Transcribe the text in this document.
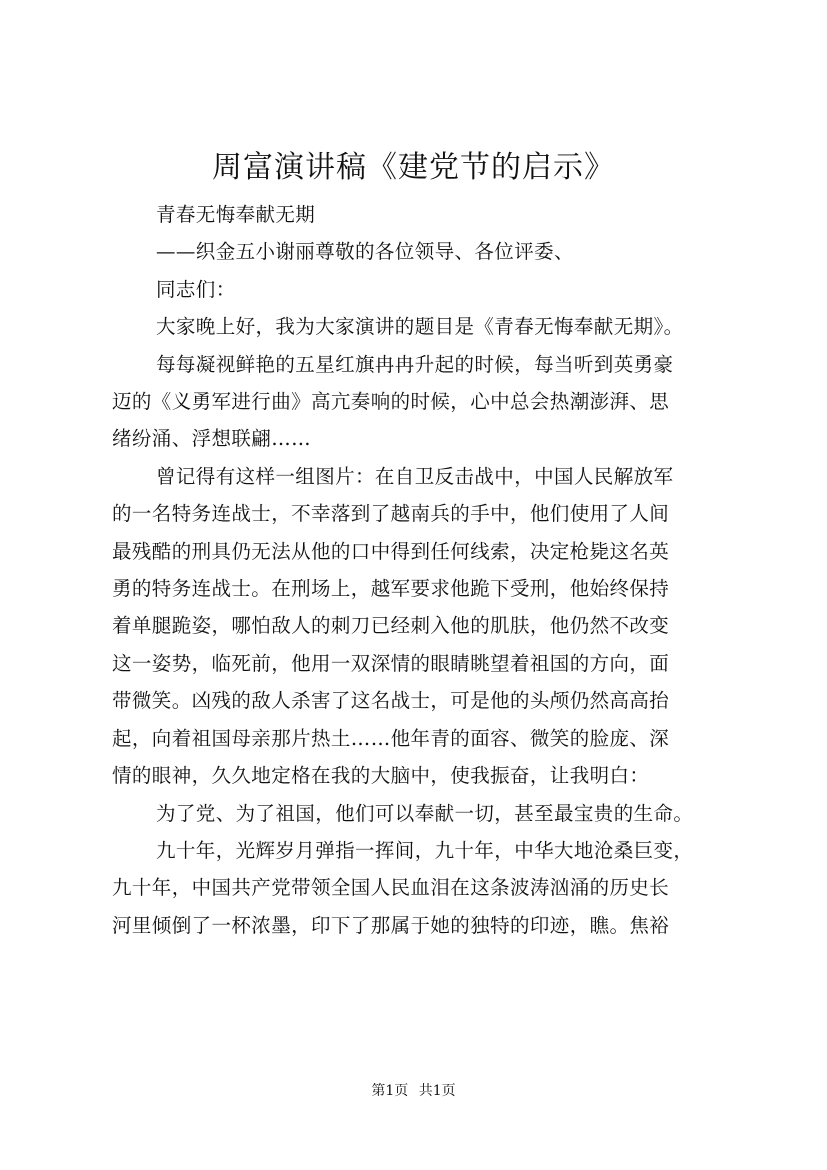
周富演讲稿《建党节的启示》

青春无悔奉献无期

——织金五小谢丽尊敬的各位领导、各位评委、

同志们：

大家晚上好，我为大家演讲的题目是《青春无悔奉献无期》。

每每凝视鲜艳的五星红旗冉冉升起的时候，每当听到英勇豪

迈的《义勇军进行曲》高亢奏响的时候，心中总会热潮澎湃、思

绪纷涌、浮想联翩……

曾记得有这样一组图片：在自卫反击战中，中国人民解放军

的一名特务连战士，不幸落到了越南兵的手中，他们使用了人间

最残酷的刑具仍无法从他的口中得到任何线索，决定枪毙这名英

勇的特务连战士。在刑场上，越军要求他跪下受刑，他始终保持

着单腿跪姿，哪怕敌人的刺刀已经刺入他的肌肤，他仍然不改变

这一姿势，临死前，他用一双深情的眼睛眺望着祖国的方向，面

带微笑。凶残的敌人杀害了这名战士，可是他的头颅仍然高高抬

起，向着祖国母亲那片热土……他年青的面容、微笑的脸庞、深

情的眼神，久久地定格在我的大脑中，使我振奋，让我明白：

为了党、为了祖国，他们可以奉献一切，甚至最宝贵的生命。

九十年，光辉岁月弹指一挥间，九十年，中华大地沧桑巨变，

九十年，中国共产党带领全国人民血泪在这条波涛汹涌的历史长

河里倾倒了一杯浓墨，印下了那属于她的独特的印迹，瞧。焦裕

第1页 共1页
